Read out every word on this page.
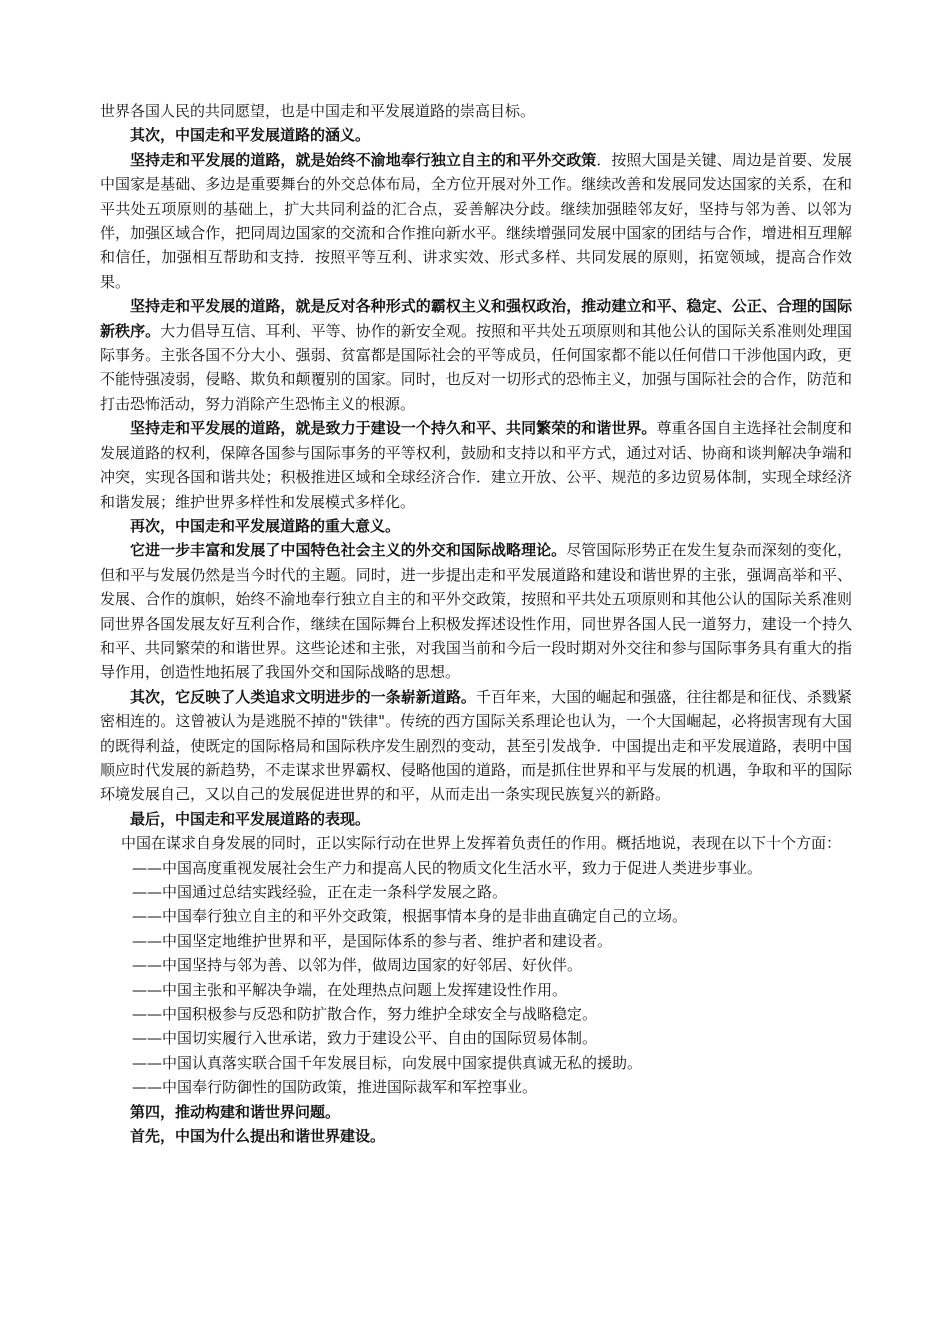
世界各国人民的共同愿望，也是中国走和平发展道路的崇高目标。

其次，中国走和平发展道路的涵义。

坚持走和平发展的道路，就是始终不渝地奉行独立自主的和平外交政策．按照大国是关键、周边是首要、发展中国家是基础、多边是重要舞台的外交总体布局，全方位开展对外工作。继续改善和发展同发达国家的关系，在和平共处五项原则的基础上，扩大共同利益的汇合点，妥善解决分歧。继续加强睦邻友好，坚持与邻为善、以邻为伴，加强区域合作，把同周边国家的交流和合作推向新水平。继续增强同发展中国家的团结与合作，增进相互理解和信任，加强相互帮助和支持．按照平等互利、讲求实效、形式多样、共同发展的原则，拓宽领域，提高合作效果。

坚持走和平发展的道路，就是反对各种形式的霸权主义和强权政治，推动建立和平、稳定、公正、合理的国际新秩序。大力倡导互信、耳利、平等、协作的新安全观。按照和平共处五项原则和其他公认的国际关系准则处理国际事务。主张各国不分大小、强弱、贫富都是国际社会的平等成员，任何国家都不能以任何借口干涉他国内政，更不能恃强凌弱，侵略、欺负和颠覆别的国家。同时，也反对一切形式的恐怖主义，加强与国际社会的合作，防范和打击恐怖活动，努力消除产生恐怖主义的根源。

坚持走和平发展的道路，就是致力于建设一个持久和平、共同繁荣的和谐世界。尊重各国自主选择社会制度和发展道路的权利，保障各国参与国际事务的平等权利，鼓励和支持以和平方式，通过对话、协商和谈判解决争端和冲突，实现各国和谐共处；积极推进区域和全球经济合作．建立开放、公平、规范的多边贸易体制，实现全球经济和谐发展；维护世界多样性和发展模式多样化。

再次，中国走和平发展道路的重大意义。

它进一步丰富和发展了中国特色社会主义的外交和国际战略理论。尽管国际形势正在发生复杂而深刻的变化，但和平与发展仍然是当今时代的主题。同时，进一步提出走和平发展道路和建设和谐世界的主张，强调高举和平、发展、合作的旗帜，始终不渝地奉行独立自主的和平外交政策，按照和平共处五项原则和其他公认的国际关系准则同世界各国发展友好互利合作，继续在国际舞台上积极发挥述设性作用，同世界各国人民一道努力，建设一个持久和平、共同繁荣的和谐世界。这些论述和主张，对我国当前和今后一段时期对外交往和参与国际事务具有重大的指导作用，创造性地拓展了我国外交和国际战略的思想。

其次，它反映了人类追求文明进步的一条崭新道路。千百年来，大国的崛起和强盛，往往都是和征伐、杀戮紧密相连的。这曾被认为是逃脱不掉的"铁律"。传统的西方国际关系理论也认为，一个大国崛起，必将损害现有大国的既得利益，使既定的国际格局和国际秩序发生剧烈的变动，甚至引发战争．中国提出走和平发展道路，表明中国顺应时代发展的新趋势，不走谋求世界霸权、侵略他国的道路，而是抓住世界和平与发展的机遇，争取和平的国际环境发展自己，又以自己的发展促进世界的和平，从而走出一条实现民族复兴的新路。

最后，中国走和平发展道路的表现。

中国在谋求自身发展的同时，正以实际行动在世界上发挥着负责任的作用。概括地说，表现在以下十个方面：

——中国高度重视发展社会生产力和提高人民的物质文化生活水平，致力于促进人类进步事业。

——中国通过总结实践经验，正在走一条科学发展之路。

——中国奉行独立自主的和平外交政策，根据事情本身的是非曲直确定自己的立场。

——中国坚定地维护世界和平，是国际体系的参与者、维护者和建设者。

——中国坚持与邻为善、以邻为伴，做周边国家的好邻居、好伙伴。

——中国主张和平解决争端，在处理热点问题上发挥建设性作用。

——中国积极参与反恐和防扩散合作，努力维护全球安全与战略稳定。

——中国切实履行入世承诺，致力于建设公平、自由的国际贸易体制。

——中国认真落实联合国千年发展目标，向发展中国家提供真诚无私的援助。

——中国奉行防御性的国防政策，推进国际裁军和军控事业。

第四，推动构建和谐世界问题。

首先，中国为什么提出和谐世界建设。
